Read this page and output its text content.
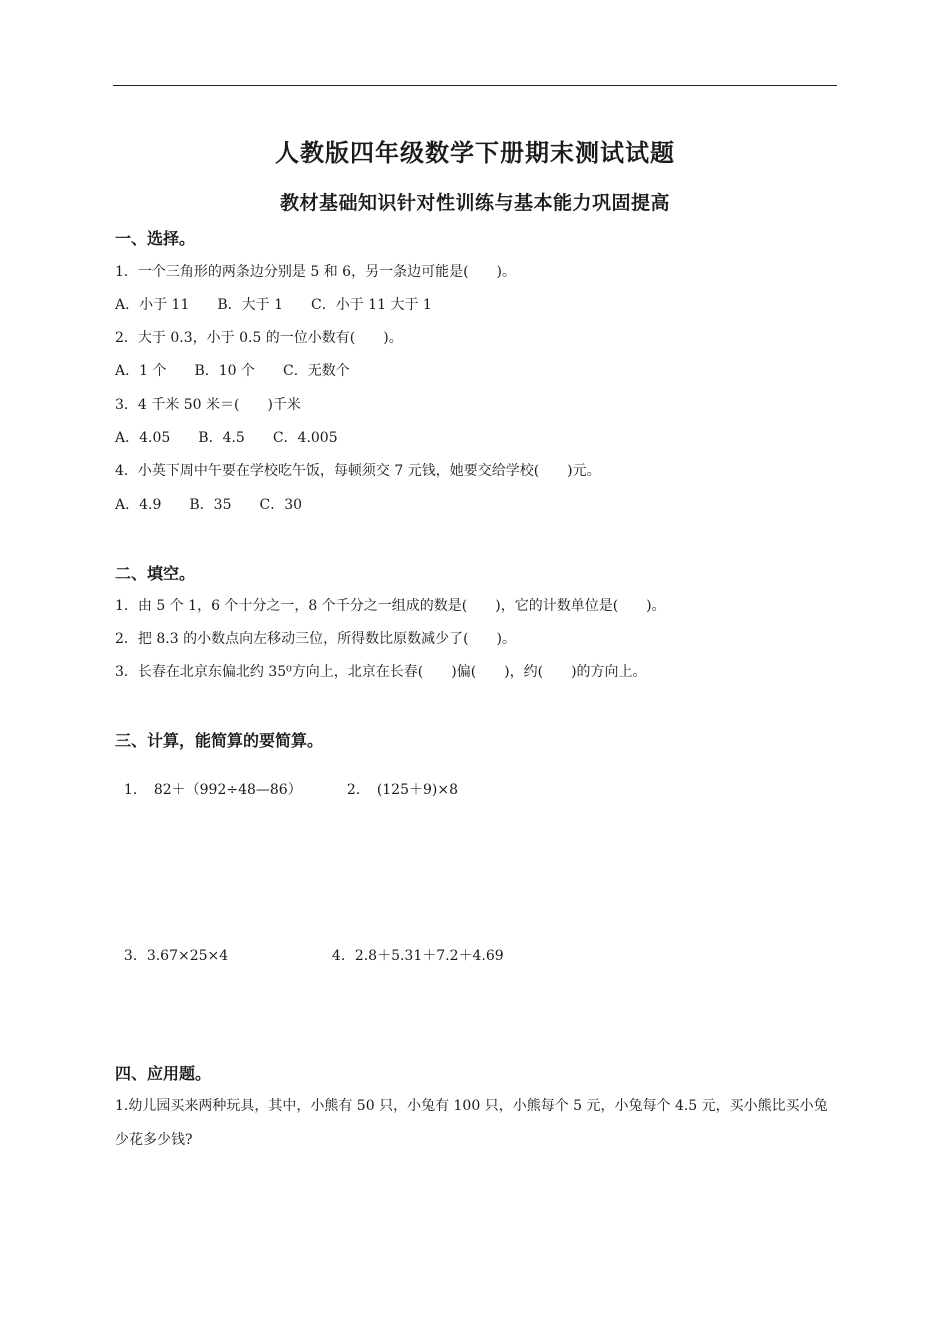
人教版四年级数学下册期末测试试题
教材基础知识针对性训练与基本能力巩固提高
一、选择。
1．一个三角形的两条边分别是 5 和 6，另一条边可能是(　　)。
A．小于 11　　B．大于 1　　C．小于 11 大于 1
2．大于 0.3，小于 0.5 的一位小数有(　　)。
A．1 个　　B．10 个　　C．无数个
3．4 千米 50 米＝(　　)千米
A．4.05　　B．4.5　　C．4.005
4．小英下周中午要在学校吃午饭，每顿须交 7 元钱，她要交给学校(　　)元。
A．4.9　　B．35　　C．30
二、填空。
1．由 5 个 1，6 个十分之一，8 个千分之一组成的数是(　　)，它的计数单位是(　　)。
2．把 8.3 的小数点向左移动三位，所得数比原数减少了(　　)。
3．长春在北京东偏北约 35⁰方向上，北京在长春(　　)偏(　　)，约(　　)的方向上。
三、计算，能简算的要简算。

1．　82＋（992÷48—86）	2．　(125＋9)×8

3．3.67×25×4	4．2.8＋5.31＋7.2＋4.69

四、应用题。
1.幼儿园买来两种玩具，其中，小熊有 50 只，小兔有 100 只，小熊每个 5 元，小兔每个 4.5 元，买小熊比买小兔少花多少钱?
